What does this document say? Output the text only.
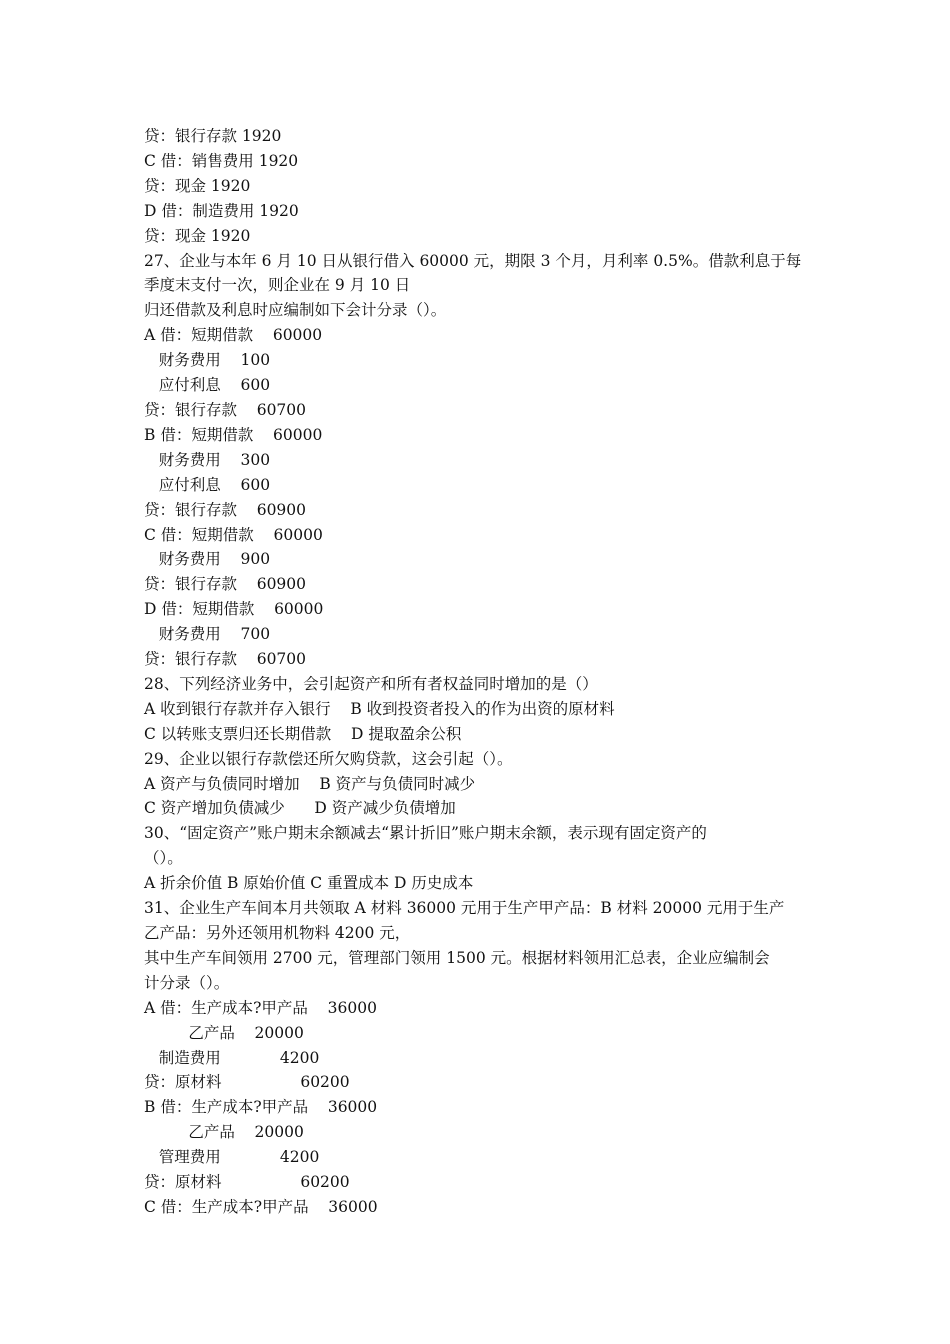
贷：银行存款 1920
C 借：销售费用 1920
贷：现金 1920
D 借：制造费用 1920
贷：现金 1920
27、企业与本年 6 月 10 日从银行借入 60000 元，期限 3 个月，月利率 0.5%。借款利息于每
季度末支付一次，则企业在 9 月 10 日
归还借款及利息时应编制如下会计分录（）。
A 借：短期借款    60000
财务费用    100
应付利息    600
贷：银行存款    60700
B 借：短期借款    60000
财务费用    300
应付利息    600
贷：银行存款    60900
C 借：短期借款    60000
财务费用    900
贷：银行存款    60900
D 借：短期借款    60000
财务费用    700
贷：银行存款    60700
28、下列经济业务中，会引起资产和所有者权益同时增加的是（）
A 收到银行存款并存入银行    B 收到投资者投入的作为出资的原材料
C 以转账支票归还长期借款    D 提取盈余公积
29、企业以银行存款偿还所欠购贷款，这会引起（）。
A 资产与负债同时增加    B 资产与负债同时减少
C 资产增加负债减少      D 资产减少负债增加
30、“固定资产”账户期末余额减去“累计折旧”账户期末余额，表示现有固定资产的
（）。
A 折余价值 B 原始价值 C 重置成本 D 历史成本
31、企业生产车间本月共领取 A 材料 36000 元用于生产甲产品：B 材料 20000 元用于生产
乙产品：另外还领用机物料 4200 元，
其中生产车间领用 2700 元，管理部门领用 1500 元。根据材料领用汇总表，企业应编制会
计分录（）。
A 借：生产成本?甲产品    36000
乙产品    20000
制造费用            4200
贷：原材料                60200
B 借：生产成本?甲产品    36000
乙产品    20000
管理费用            4200
贷：原材料                60200
C 借：生产成本?甲产品    36000
